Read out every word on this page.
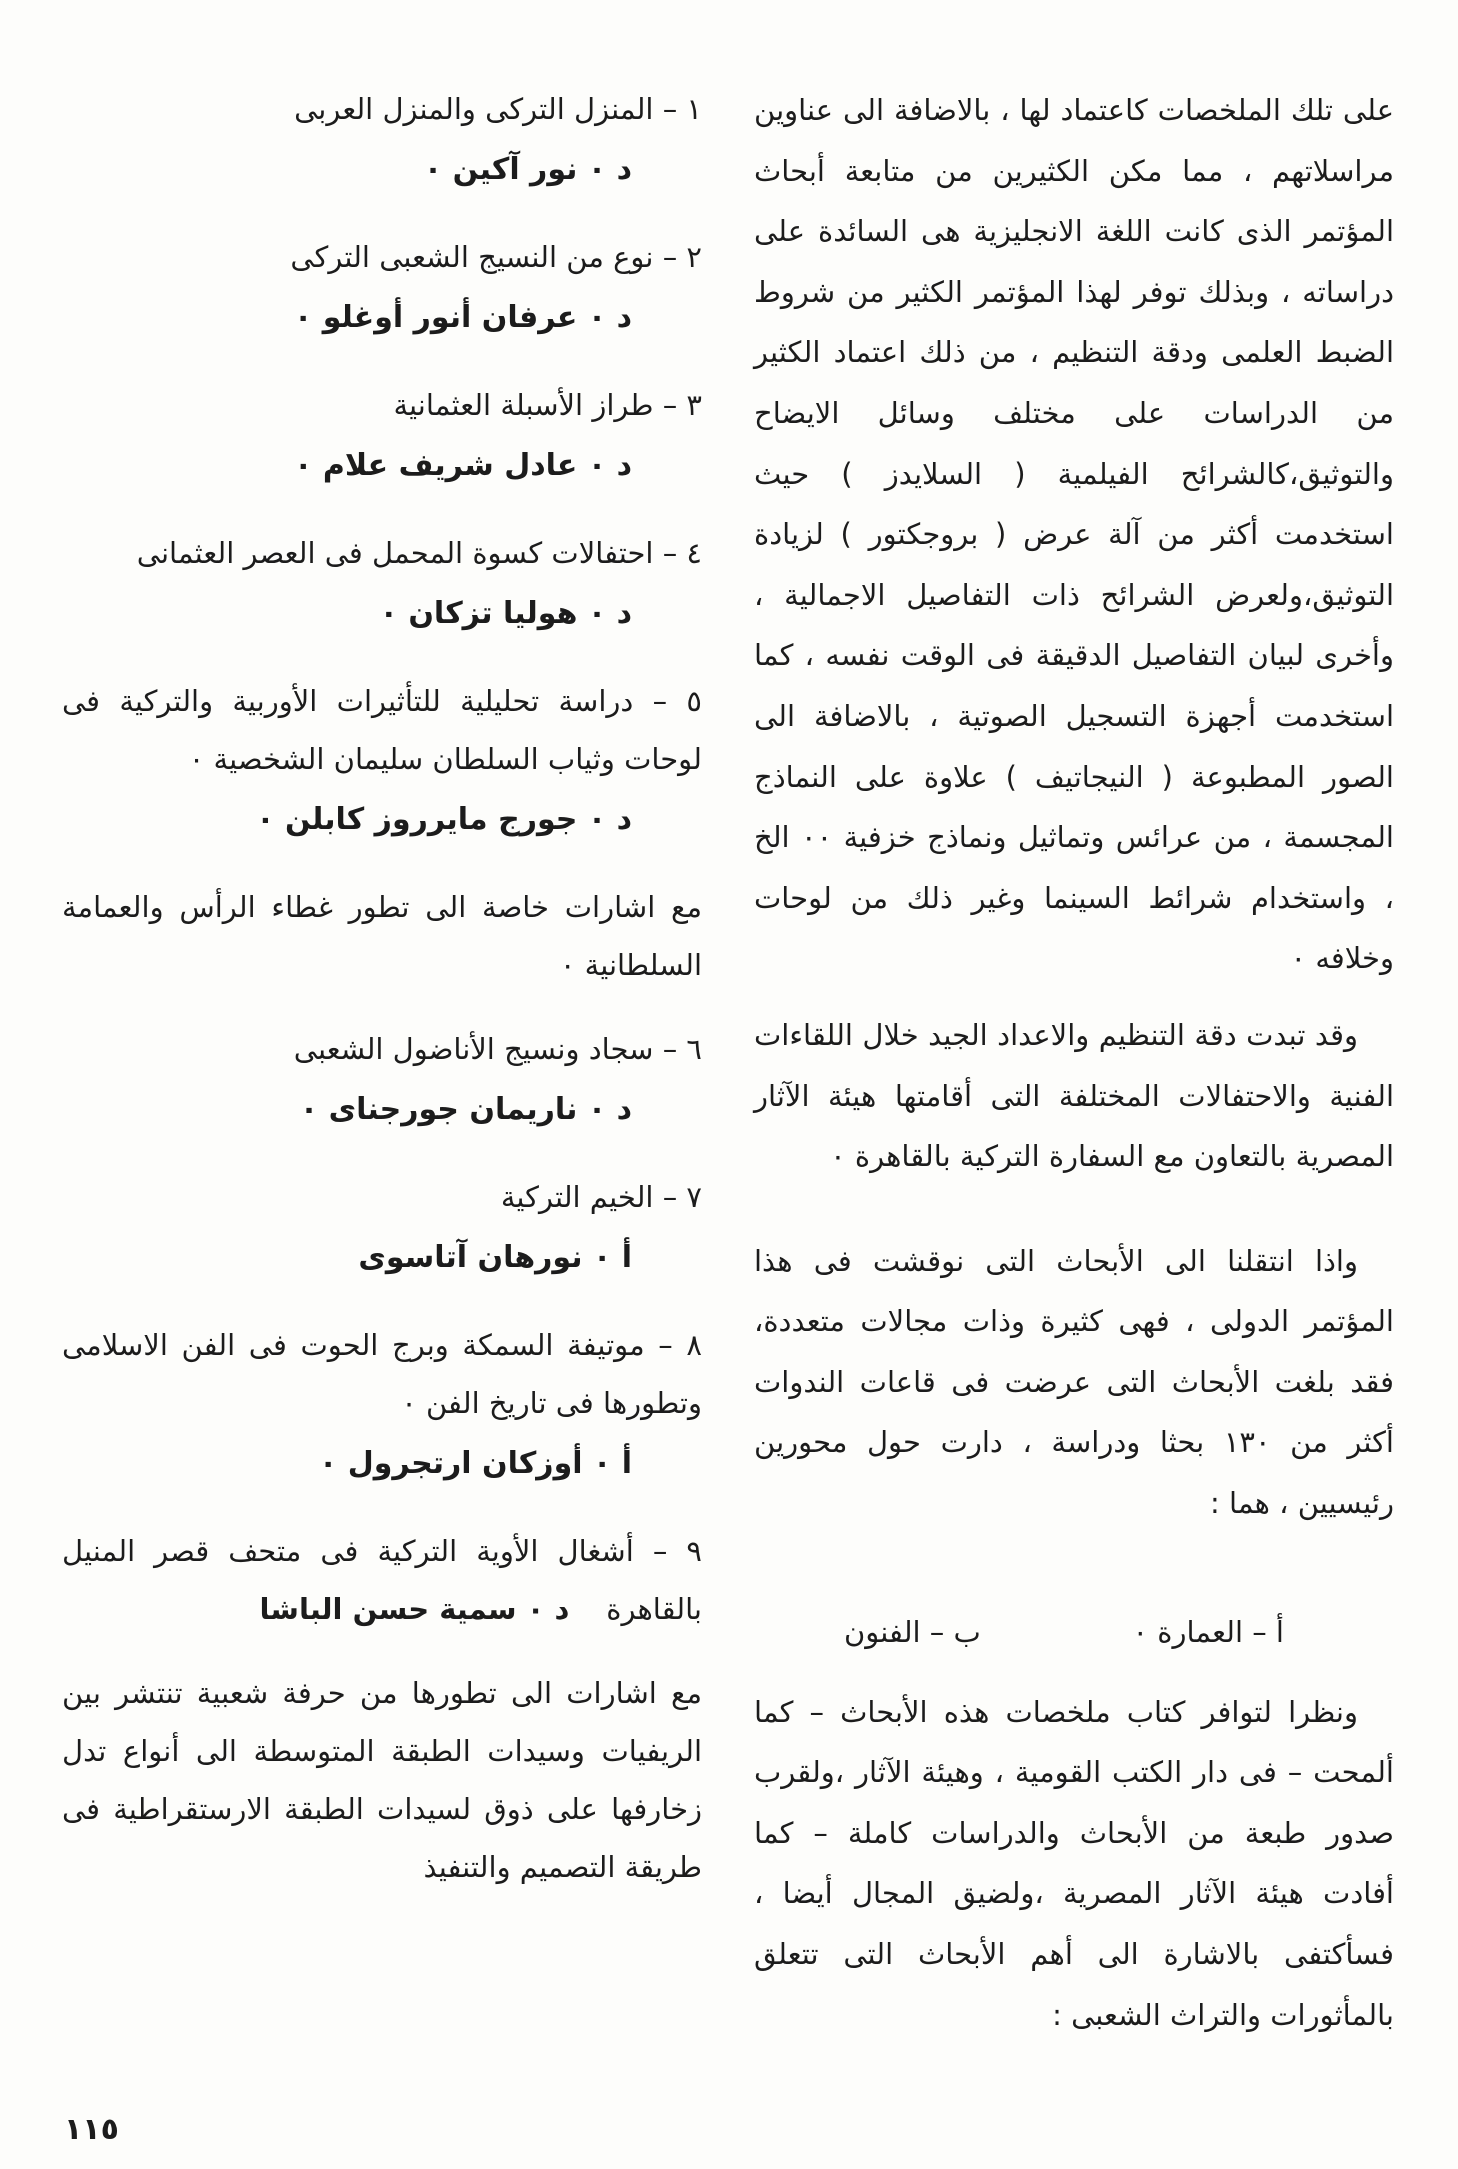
على تلك الملخصات كاعتماد لها ، بالاضافة الى عناوين مراسلاتهم ، مما مكن الكثيرين من متابعة أبحاث المؤتمر الذى كانت اللغة الانجليزية هى السائدة على دراساته ، وبذلك توفر لهذا المؤتمر الكثير من شروط الضبط العلمى ودقة التنظيم ، من ذلك اعتماد الكثير من الدراسات على مختلف وسائل الايضاح والتوثيق،كالشرائح الفيلمية ( السلايدز ) حيث استخدمت أكثر من آلة عرض ( بروجكتور ) لزيادة التوثيق،ولعرض الشرائح ذات التفاصيل الاجمالية ، وأخرى لبيان التفاصيل الدقيقة فى الوقت نفسه ، كما استخدمت أجهزة التسجيل الصوتية ، بالاضافة الى الصور المطبوعة ( النيجاتيف ) علاوة على النماذج المجسمة ، من عرائس وتماثيل ونماذج خزفية ٠٠ الخ ، واستخدام شرائط السينما وغير ذلك من لوحات وخلافه ٠

وقد تبدت دقة التنظيم والاعداد الجيد خلال اللقاءات الفنية والاحتفالات المختلفة التى أقامتها هيئة الآثار المصرية بالتعاون مع السفارة التركية بالقاهرة ٠

واذا انتقلنا الى الأبحاث التى نوقشت فى هذا المؤتمر الدولى ، فهى كثيرة وذات مجالات متعددة، فقد بلغت الأبحاث التى عرضت فى قاعات الندوات أكثر من ١٣٠ بحثا ودراسة ، دارت حول محورين رئيسيين ، هما :

أ – العمارة ٠
ب – الفنون

ونظرا لتوافر كتاب ملخصات هذه الأبحاث – كما ألمحت – فى دار الكتب القومية ، وهيئة الآثار ،ولقرب صدور طبعة من الأبحاث والدراسات كاملة – كما أفادت هيئة الآثار المصرية ،ولضيق المجال أيضا ، فسأكتفى بالاشارة الى أهم الأبحاث التى تتعلق بالمأثورات والتراث الشعبى :

١ – المنزل التركى والمنزل العربى
د ٠ نور آكين ٠
٢ – نوع من النسيج الشعبى التركى
د ٠ عرفان أنور أوغلو ٠
٣ – طراز الأسبلة العثمانية
د ٠ عادل شريف علام ٠
٤ – احتفالات كسوة المحمل فى العصر العثمانى
د ٠ هوليا تزكان ٠
٥ – دراسة تحليلية للتأثيرات الأوربية والتركية فى لوحات وثياب السلطان سليمان الشخصية ٠
د ٠ جورج مايرروز كابلن ٠
مع اشارات خاصة الى تطور غطاء الرأس والعمامة السلطانية ٠
٦ – سجاد ونسيج الأناضول الشعبى
د ٠ ناريمان جورجناى ٠
٧ – الخيم التركية
أ ٠ نورهان آتاسوى
٨ – موتيفة السمكة وبرج الحوت فى الفن الاسلامى وتطورها فى تاريخ الفن ٠
أ ٠ أوزكان ارتجرول ٠
٩ – أشغال الأوية التركية فى متحف قصر المنيل بالقاهرة    د ٠ سمية حسن الباشا
مع اشارات الى تطورها من حرفة شعبية تنتشر بين الريفيات وسيدات الطبقة المتوسطة الى أنواع تدل زخارفها على ذوق لسيدات الطبقة الارستقراطية فى طريقة التصميم والتنفيذ
١١٥
